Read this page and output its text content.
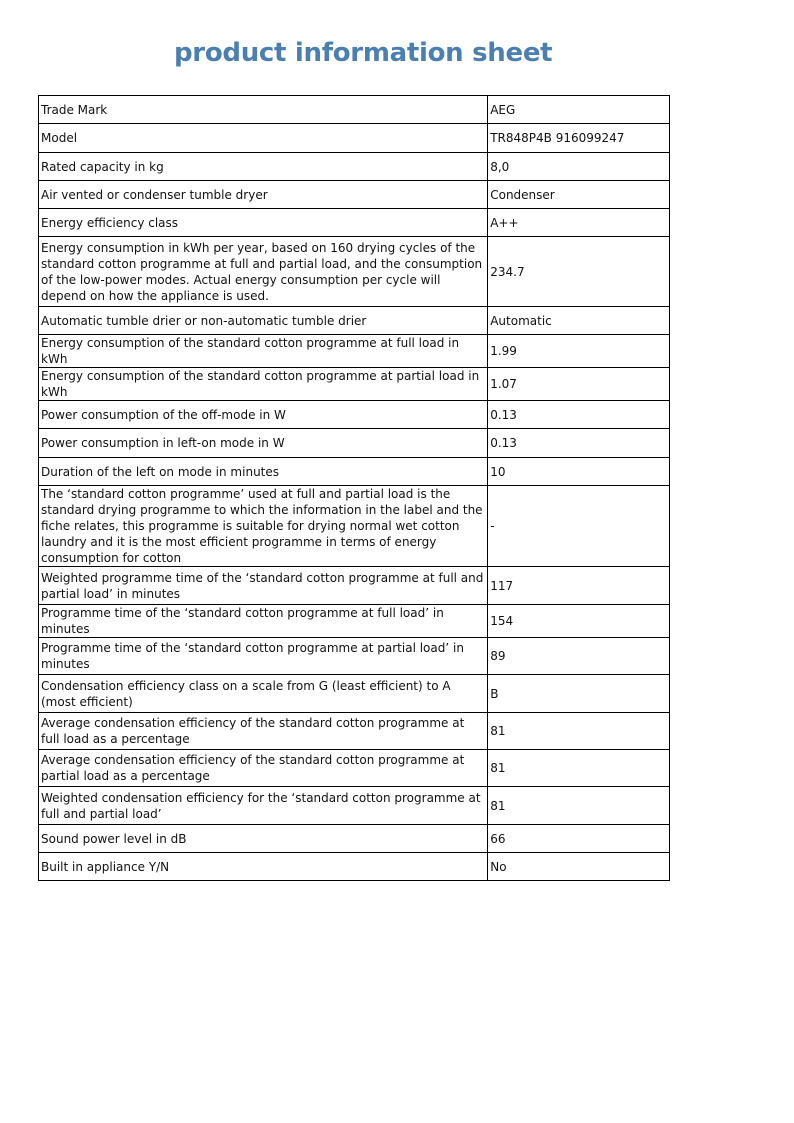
product information sheet
Trade Mark	AEG
Model	TR848P4B 916099247
Rated capacity in kg	8,0
Air vented or condenser tumble dryer	Condenser
Energy efficiency class	A++
Energy consumption in kWh per year, based on 160 drying cycles of the standard cotton programme at full and partial load, and the consumption of the low-power modes. Actual energy consumption per cycle will depend on how the appliance is used.	234.7
Automatic tumble drier or non-automatic tumble drier	Automatic
Energy consumption of the standard cotton programme at full load in kWh	1.99
Energy consumption of the standard cotton programme at partial load in kWh	1.07
Power consumption of the off-mode in W	0.13
Power consumption in left-on mode in W	0.13
Duration of the left on mode in minutes	10
The ‘standard cotton programme’ used at full and partial load is the standard drying programme to which the information in the label and the fiche relates, this programme is suitable for drying normal wet cotton laundry and it is the most efficient programme in terms of energy consumption for cotton	-
Weighted programme time of the ‘standard cotton programme at full and partial load’ in minutes	117
Programme time of the ‘standard cotton programme at full load’ in minutes	154
Programme time of the ‘standard cotton programme at partial load’ in minutes	89
Condensation efficiency class on a scale from G (least efficient) to A (most efficient)	B
Average condensation efficiency of the standard cotton programme at full load as a percentage	81
Average condensation efficiency of the standard cotton programme at partial load as a percentage	81
Weighted condensation efficiency for the ‘standard cotton programme at full and partial load’	81
Sound power level in dB	66
Built in appliance Y/N	No
